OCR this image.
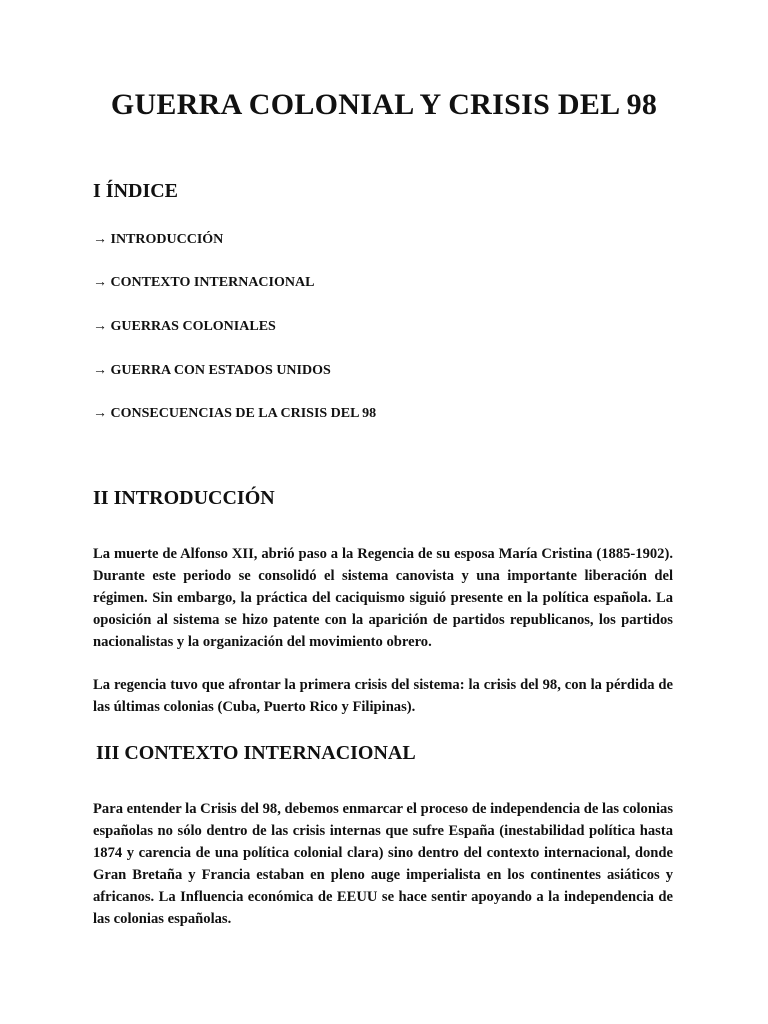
GUERRA COLONIAL Y CRISIS DEL 98
I ÍNDICE

→ INTRODUCCIÓN

→ CONTEXTO INTERNACIONAL

→ GUERRAS COLONIALES

→ GUERRA CON ESTADOS UNIDOS

→ CONSECUENCIAS DE LA CRISIS DEL 98

II INTRODUCCIÓN

La muerte de Alfonso XII, abrió paso a la Regencia de su esposa María Cristina (1885-1902). Durante este periodo se consolidó el sistema canovista y una importante liberación del régimen. Sin embargo, la práctica del caciquismo siguió presente en la política española. La oposición al sistema se hizo patente con la aparición de partidos republicanos, los partidos nacionalistas y la organización del movimiento obrero.

La regencia tuvo que afrontar la primera crisis del sistema: la crisis del 98, con la pérdida de las últimas colonias (Cuba, Puerto Rico y Filipinas).

III CONTEXTO INTERNACIONAL

Para entender la Crisis del 98, debemos enmarcar el proceso de independencia de las colonias españolas no sólo dentro de las crisis internas que sufre España (inestabilidad política hasta 1874 y carencia de una política colonial clara) sino dentro del contexto internacional, donde Gran Bretaña y Francia estaban en pleno auge imperialista en los continentes asiáticos y africanos. La Influencia económica de EEUU se hace sentir apoyando a la independencia de las colonias españolas.
